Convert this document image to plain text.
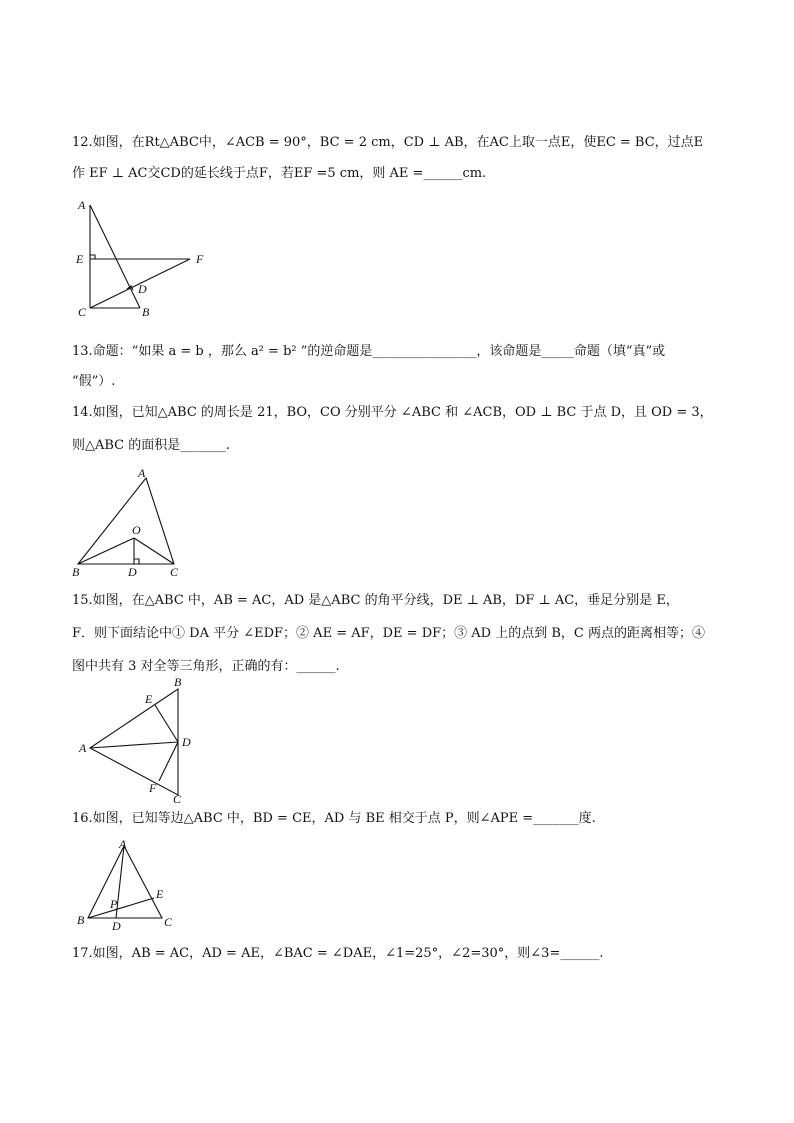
12.如图，在Rt△ABC中，∠ACB = 90°，BC = 2 cm，CD ⊥ AB，在AC上取一点E，使EC = BC，过点E
作 EF ⊥ AC交CD的延长线于点F，若EF =5 cm，则 AE =______cm.
A
E	F
D
C	B
13.命题：“如果 a = b ，那么 a² = b² ”的逆命题是________________，该命题是_____命题（填“真”或
“假”）.
14.如图，已知△ABC 的周长是 21，BO，CO 分别平分 ∠ABC 和 ∠ACB，OD ⊥ BC 于点 D，且 OD = 3，
则△ABC 的面积是_______.
A
O
B	D	C
15.如图，在△ABC 中，AB = AC，AD 是△ABC 的角平分线，DE ⊥ AB，DF ⊥ AC，垂足分别是 E，
F．则下面结论中① DA 平分 ∠EDF；② AE = AF，DE = DF；③ AD 上的点到 B，C 两点的距离相等；④
图中共有 3 对全等三角形，正确的有：______.
B
E
A	D
F
C
16.如图，已知等边△ABC 中，BD = CE，AD 与 BE 相交于点 P，则∠APE =_______度.
A
E
P
B D	C
17.如图，AB = AC，AD = AE，∠BAC = ∠DAE，∠1=25°，∠2=30°，则∠3=______.
